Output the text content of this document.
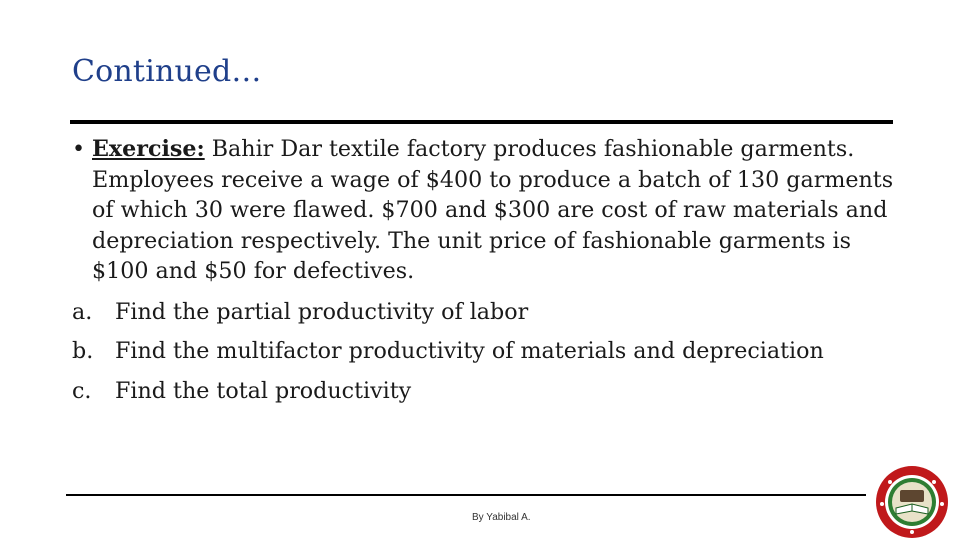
Continued…

• Exercise: Bahir Dar textile factory produces fashionable garments. Employees receive a wage of $400 to produce a batch of 130 garments of which 30 were flawed. $700 and $300 are cost of raw materials and depreciation respectively. The unit price of fashionable garments is $100 and $50 for defectives.

a. Find the partial productivity of labor

b. Find the multifactor productivity of materials and depreciation

c. Find the total productivity

By Yabibal A.
